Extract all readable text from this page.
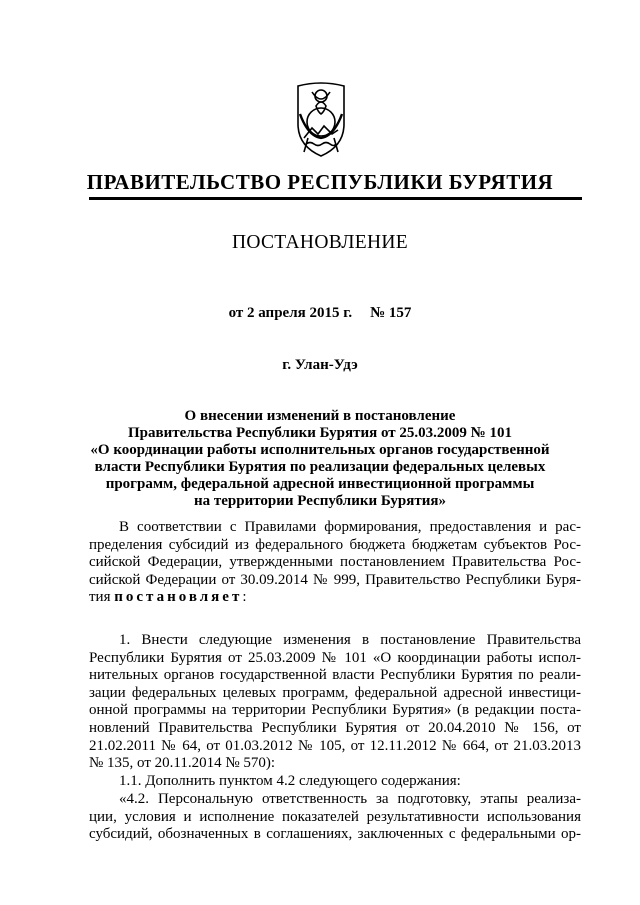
ПРАВИТЕЛЬСТВО РЕСПУБЛИКИ БУРЯТИЯ
ПОСТАНОВЛЕНИЕ
от 2 апреля 2015 г. № 157
г. Улан-Удэ
О внесении изменений в постановление
Правительства Республики Бурятия от 25.03.2009 № 101
«О координации работы исполнительных органов государственной
власти Республики Бурятия по реализации федеральных целевых
программ, федеральной адресной инвестиционной программы
на территории Республики Бурятия»
В соответствии с Правилами формирования, предоставления и рас-
пределения субсидий из федерального бюджета бюджетам субъектов Рос-
сийской Федерации, утвержденными постановлением Правительства Рос-
сийской Федерации от 30.09.2014 № 999, Правительство Республики Буря-
тия постановляет:
1. Внести следующие изменения в постановление Правительства
Республики Бурятия от 25.03.2009 № 101 «О координации работы испол-
нительных органов государственной власти Республики Бурятия по реали-
зации федеральных целевых программ, федеральной адресной инвестици-
онной программы на территории Республики Бурятия» (в редакции поста-
новлений Правительства Республики Бурятия от 20.04.2010 № 156, от
21.02.2011 № 64, от 01.03.2012 № 105, от 12.11.2012 № 664, от 21.03.2013
№ 135, от 20.11.2014 № 570):
1.1. Дополнить пунктом 4.2 следующего содержания:
«4.2. Персональную ответственность за подготовку, этапы реализа-
ции, условия и исполнение показателей результативности использования
субсидий, обозначенных в соглашениях, заключенных с федеральными ор-
